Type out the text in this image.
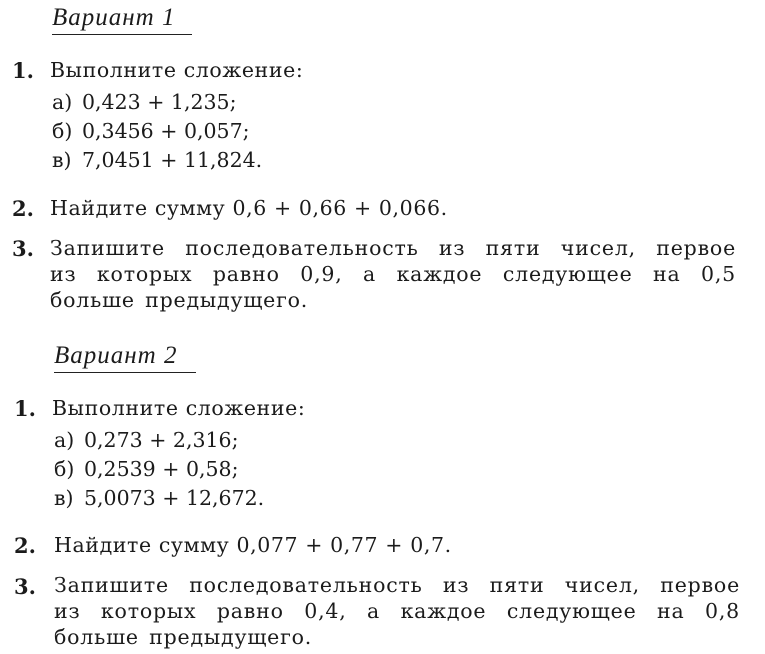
Вариант 1
1. Выполните сложение:
а) 0,423 + 1,235;
б) 0,3456 + 0,057;
в) 7,0451 + 11,824.
2. Найдите сумму 0,6 + 0,66 + 0,066.
3. Запишите последовательность из пяти чисел, первое
из которых равно 0,9, а каждое следующее на 0,5
больше предыдущего.
Вариант 2
1. Выполните сложение:
а) 0,273 + 2,316;
б) 0,2539 + 0,58;
в) 5,0073 + 12,672.
2. Найдите сумму 0,077 + 0,77 + 0,7.
3. Запишите последовательность из пяти чисел, первое
из которых равно 0,4, а каждое следующее на 0,8
больше предыдущего.
